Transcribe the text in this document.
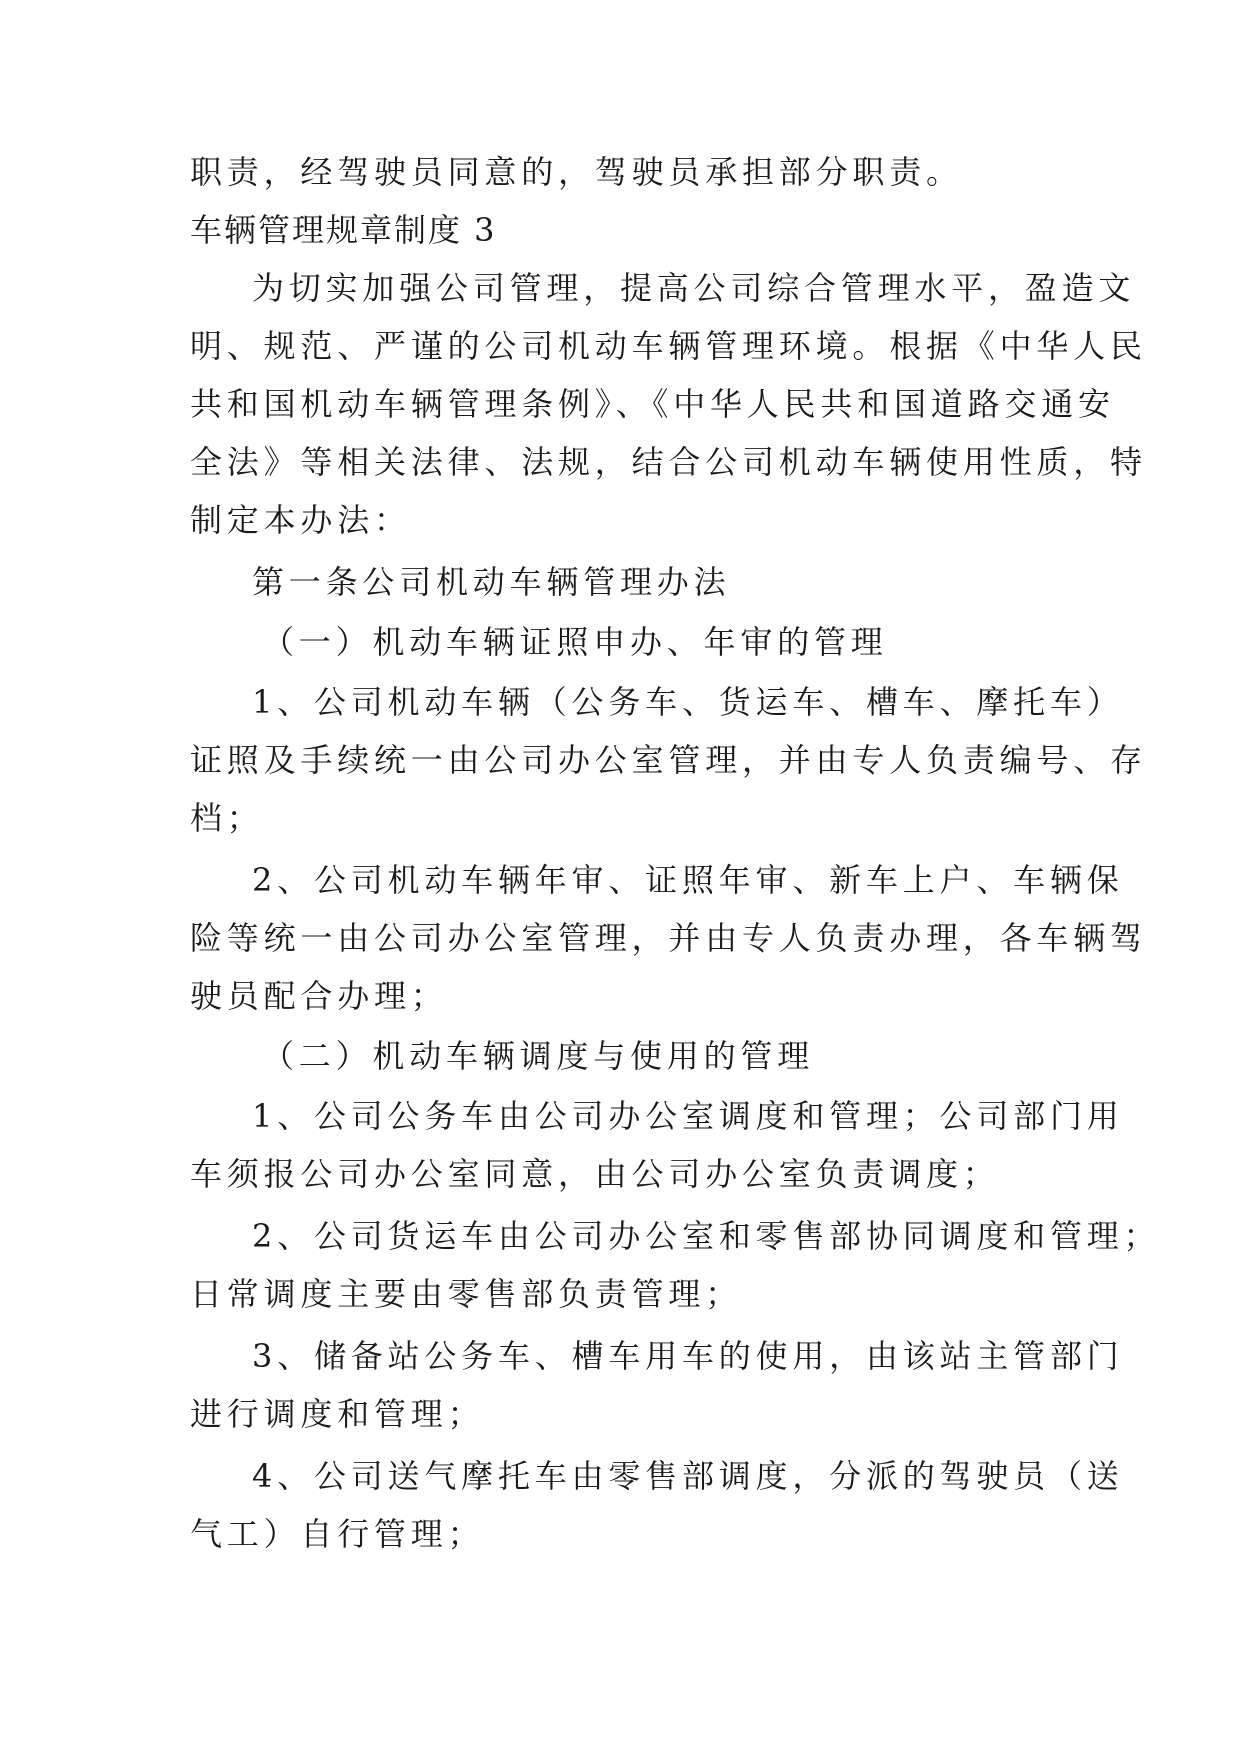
职责，经驾驶员同意的，驾驶员承担部分职责。
车辆管理规章制度 3
为切实加强公司管理，提高公司综合管理水平，盈造文
明、规范、严谨的公司机动车辆管理环境。根据《中华人民
共和国机动车辆管理条例》、《中华人民共和国道路交通安
全法》等相关法律、法规，结合公司机动车辆使用性质，特
制定本办法：
第一条公司机动车辆管理办法
（一）机动车辆证照申办、年审的管理
1、公司机动车辆（公务车、货运车、槽车、摩托车）
证照及手续统一由公司办公室管理，并由专人负责编号、存
档；
2、公司机动车辆年审、证照年审、新车上户、车辆保
险等统一由公司办公室管理，并由专人负责办理，各车辆驾
驶员配合办理；
（二）机动车辆调度与使用的管理
1、公司公务车由公司办公室调度和管理；公司部门用
车须报公司办公室同意，由公司办公室负责调度；
2、公司货运车由公司办公室和零售部协同调度和管理；
日常调度主要由零售部负责管理；
3、储备站公务车、槽车用车的使用，由该站主管部门
进行调度和管理；
4、公司送气摩托车由零售部调度，分派的驾驶员（送
气工）自行管理；
